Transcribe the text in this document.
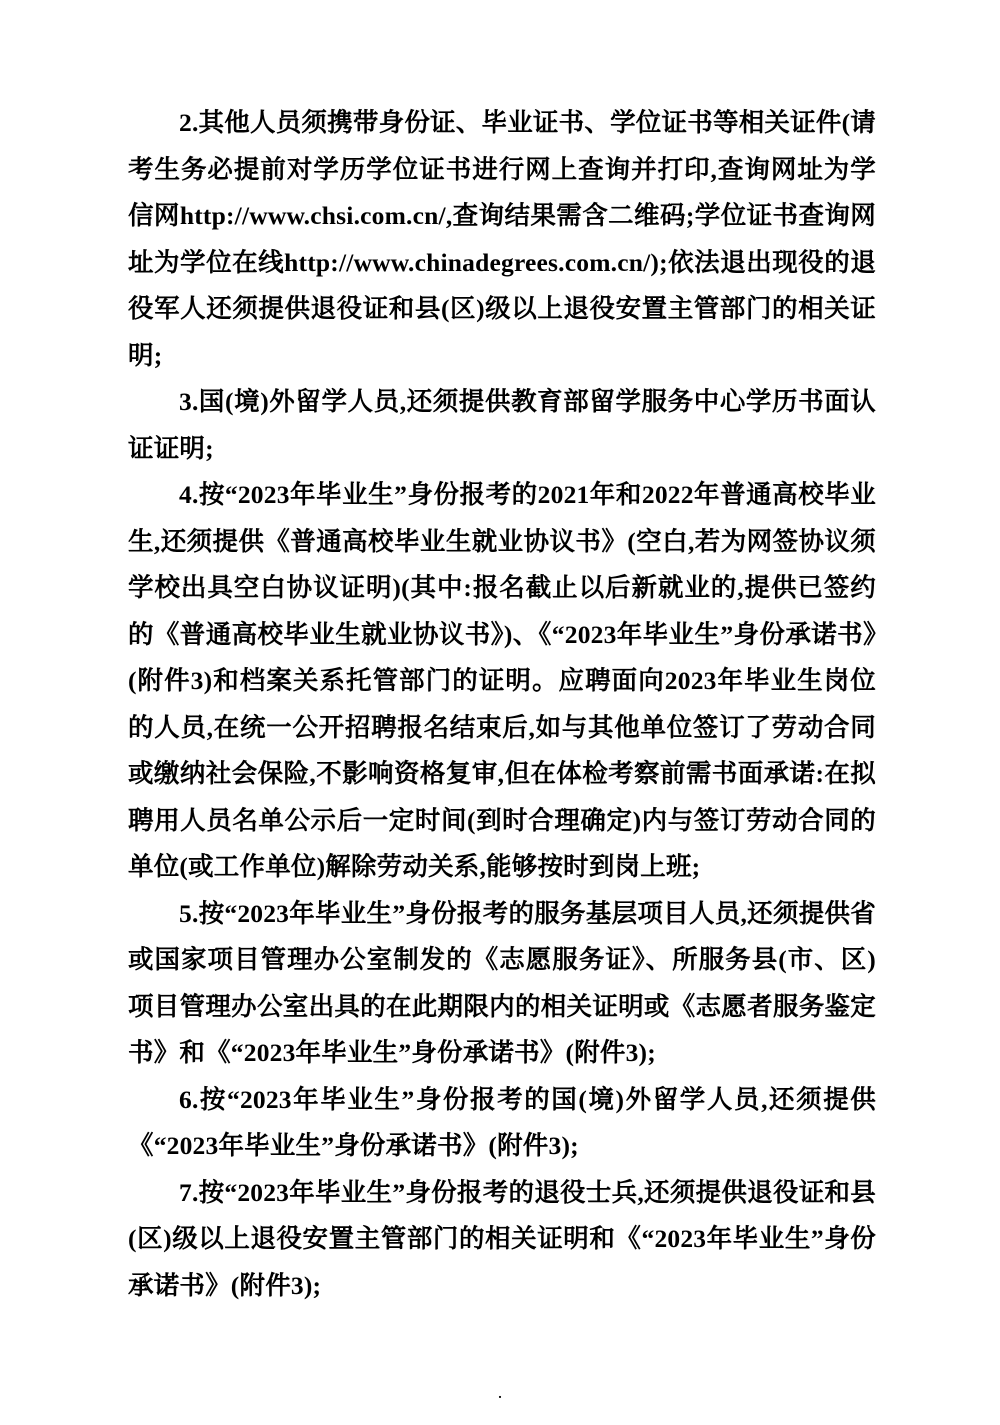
2.其他人员须携带身份证、毕业证书、学位证书等相关证件(请考生务必提前对学历学位证书进行网上查询并打印,查询网址为学信网http://www.chsi.com.cn/,查询结果需含二维码;学位证书查询网址为学位在线http://www.chinadegrees.com.cn/);依法退出现役的退役军人还须提供退役证和县(区)级以上退役安置主管部门的相关证明;

3.国(境)外留学人员,还须提供教育部留学服务中心学历书面认证证明;

4.按“2023年毕业生”身份报考的2021年和2022年普通高校毕业生,还须提供《普通高校毕业生就业协议书》(空白,若为网签协议须学校出具空白协议证明)(其中:报名截止以后新就业的,提供已签约的《普通高校毕业生就业协议书》)、《“2023年毕业生”身份承诺书》(附件3)和档案关系托管部门的证明。应聘面向2023年毕业生岗位的人员,在统一公开招聘报名结束后,如与其他单位签订了劳动合同或缴纳社会保险,不影响资格复审,但在体检考察前需书面承诺:在拟聘用人员名单公示后一定时间(到时合理确定)内与签订劳动合同的单位(或工作单位)解除劳动关系,能够按时到岗上班;

5.按“2023年毕业生”身份报考的服务基层项目人员,还须提供省或国家项目管理办公室制发的《志愿服务证》、所服务县(市、区)项目管理办公室出具的在此期限内的相关证明或《志愿者服务鉴定书》和《“2023年毕业生”身份承诺书》(附件3);

6.按“2023年毕业生”身份报考的国(境)外留学人员,还须提供《“2023年毕业生”身份承诺书》(附件3);

7.按“2023年毕业生”身份报考的退役士兵,还须提供退役证和县(区)级以上退役安置主管部门的相关证明和《“2023年毕业生”身份承诺书》(附件3);

.
